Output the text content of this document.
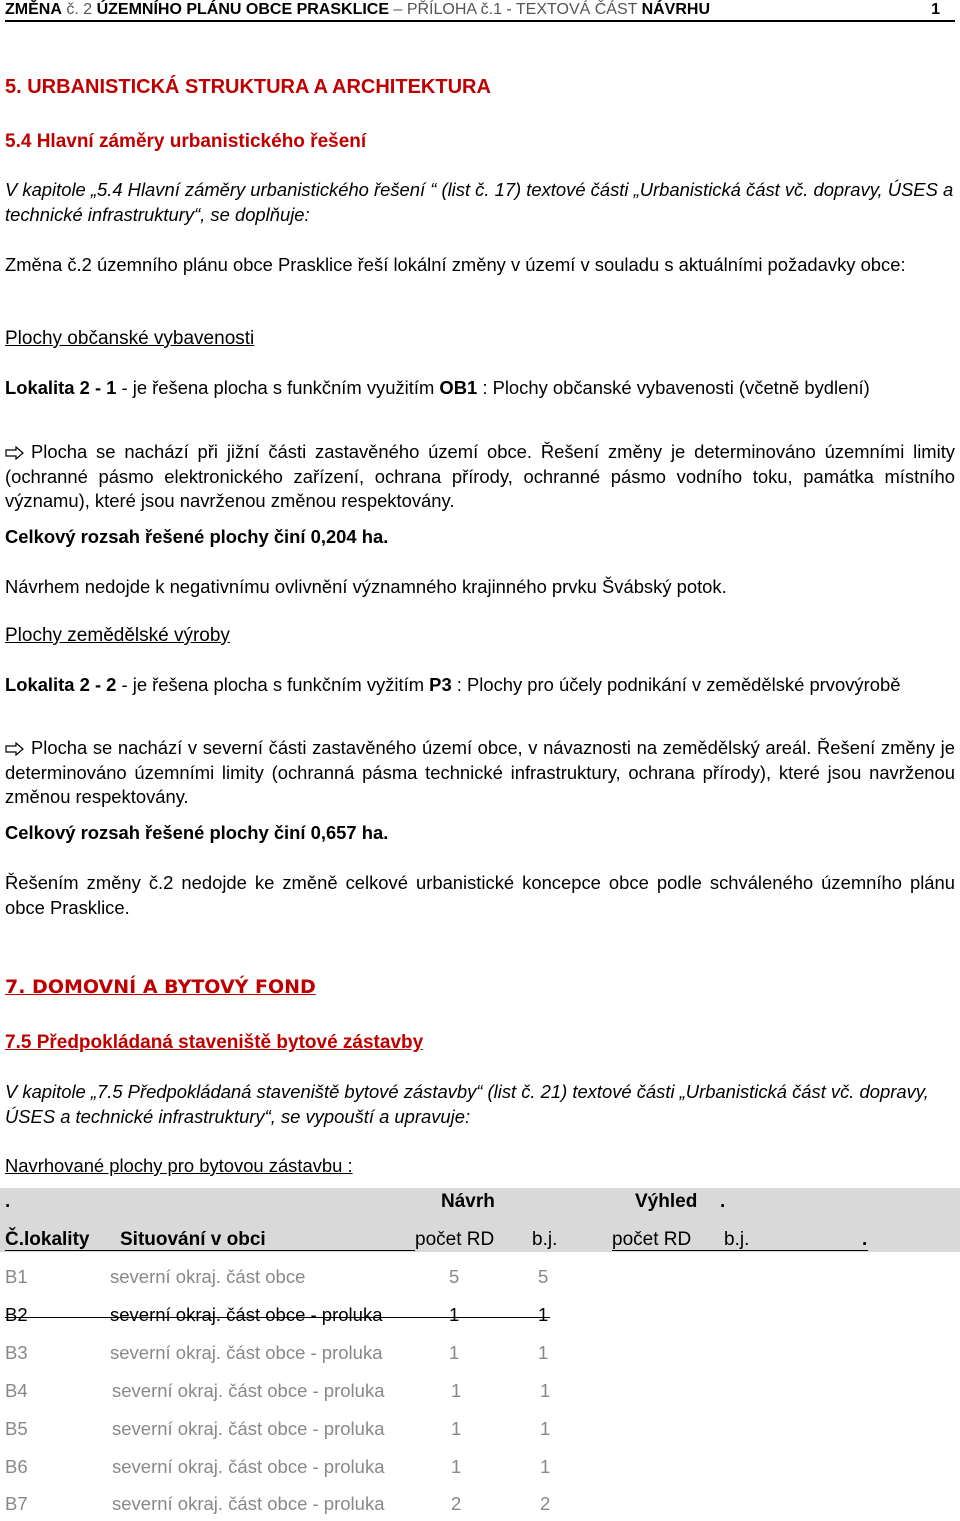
ZMĚNA č. 2 ÚZEMNÍHO PLÁNU OBCE PRASKLICE – PŘÍLOHA č.1 - TEXTOVÁ ČÁST NÁVRHU	1
5. URBANISTICKÁ STRUKTURA A ARCHITEKTURA
5.4 Hlavní záměry urbanistického řešení
V kapitole „5.4 Hlavní záměry urbanistického řešení “ (list č. 17) textové části „Urbanistická část vč. dopravy, ÚSES a technické infrastruktury“, se doplňuje:
Změna č.2 územního plánu obce Prasklice řeší lokální změny v území v souladu s aktuálními požadavky obce:
Plochy občanské vybavenosti
Lokalita 2 - 1 - je řešena plocha s funkčním využitím OB1 : Plochy občanské vybavenosti (včetně bydlení)
Plocha se nachází při jižní části zastavěného území obce. Řešení změny je determinováno územními limity (ochranné pásmo elektronického zařízení, ochrana přírody, ochranné pásmo vodního toku, památka místního významu), které jsou navrženou změnou respektovány.
Celkový rozsah řešené plochy činí 0,204 ha.
Návrhem nedojde k negativnímu ovlivnění významného krajinného prvku Švábský potok.
Plochy zemědělské výroby
Lokalita 2 - 2 - je řešena plocha s funkčním vyžitím P3 : Plochy pro účely podnikání v zemědělské prvovýrobě
Plocha se nachází v severní části zastavěného území obce, v návaznosti na zemědělský areál. Řešení změny je determinováno územními limity (ochranná pásma technické infrastruktury, ochrana přírody), které jsou navrženou změnou respektovány.
Celkový rozsah řešené plochy činí 0,657 ha.
Řešením změny č.2 nedojde ke změně celkové urbanistické koncepce obce podle schváleného územního plánu obce Prasklice.
7. DOMOVNÍ A BYTOVÝ FOND
7.5 Předpokládaná staveniště bytové zástavby
V kapitole „7.5 Předpokládaná staveniště bytové zástavby“ (list č. 21) textové části „Urbanistická část vč. dopravy, ÚSES a technické infrastruktury“, se vypouští a upravuje:
Navrhované plochy pro bytovou zástavbu :
.	Návrh	Výhled .
Č.lokality Situování v obci	počet RD b.j.	počet RD b.j.	.
B1	severní okraj. část obce	5	5
B2	severní okraj. část obce - proluka	1	1
B3	severní okraj. část obce - proluka	1	1
B4	severní okraj. část obce - proluka	1	1
B5	severní okraj. část obce - proluka	1	1
B6	severní okraj. část obce - proluka	1	1
B7	severní okraj. část obce - proluka	2	2
